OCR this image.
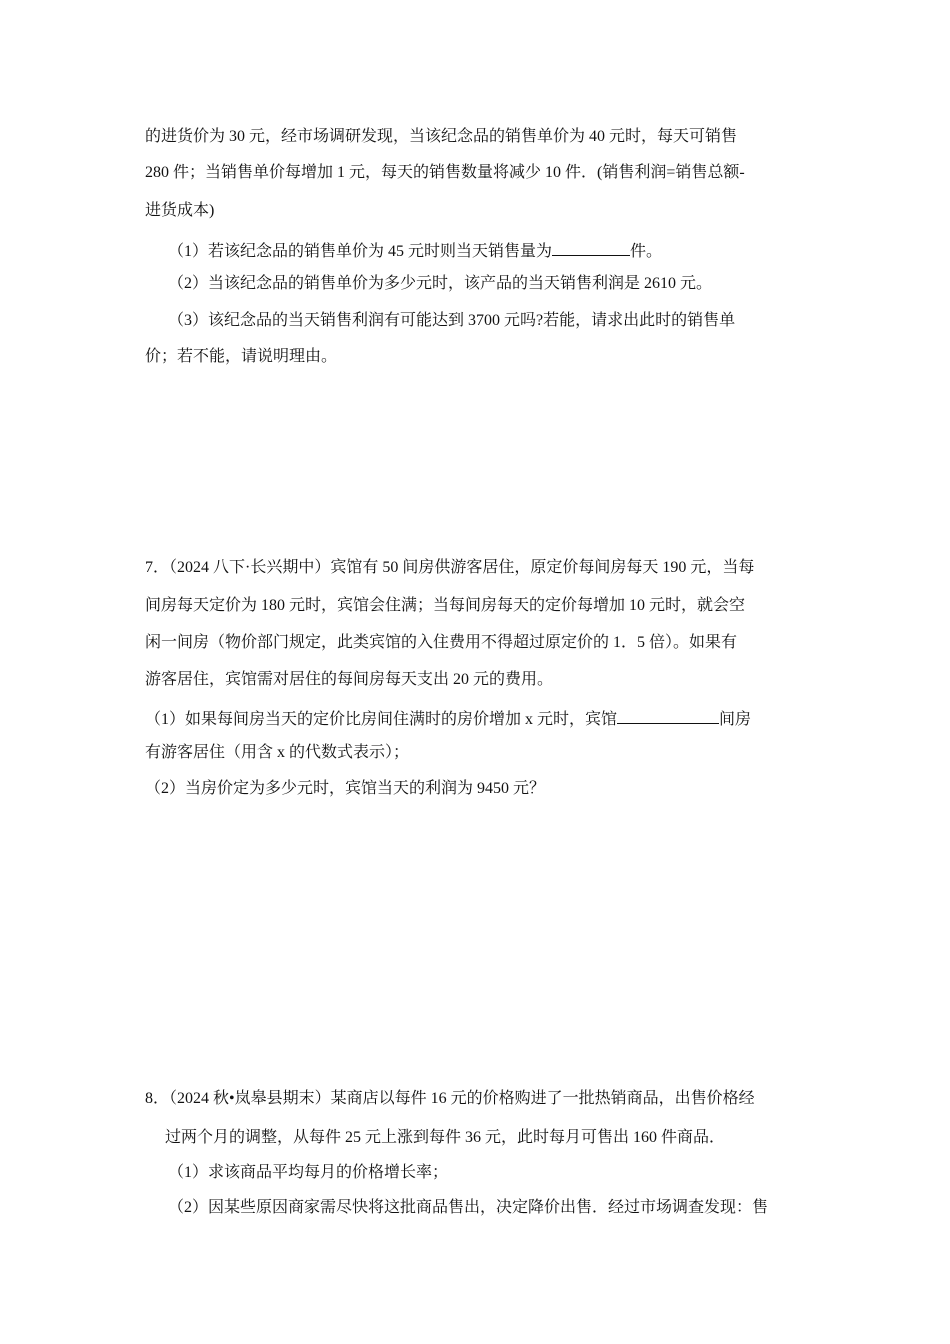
的进货价为 30 元，经市场调研发现，当该纪念品的销售单价为 40 元时，每天可销售
280 件；当销售单价每增加 1 元，每天的销售数量将减少 10 件．(销售利润=销售总额-
进货成本)
（1）若该纪念品的销售单价为 45 元时则当天销售量为	件。
（2）当该纪念品的销售单价为多少元时，该产品的当天销售利润是 2610 元。
（3）该纪念品的当天销售利润有可能达到 3700 元吗?若能，请求出此时的销售单
价；若不能，请说明理由。
7．（2024 八下·长兴期中）宾馆有 50 间房供游客居住，原定价每间房每天 190 元，当每
间房每天定价为 180 元时，宾馆会住满；当每间房每天的定价每增加 10 元时，就会空
闲一间房（物价部门规定，此类宾馆的入住费用不得超过原定价的 1．5 倍）。如果有
游客居住，宾馆需对居住的每间房每天支出 20 元的费用。
（1）如果每间房当天的定价比房间住满时的房价增加 x 元时，宾馆	间房
有游客居住（用含 x 的代数式表示）；
（2）当房价定为多少元时，宾馆当天的利润为 9450 元？
8．（2024 秋•岚皋县期末）某商店以每件 16 元的价格购进了一批热销商品，出售价格经
过两个月的调整，从每件 25 元上涨到每件 36 元，此时每月可售出 160 件商品．
（1）求该商品平均每月的价格增长率；
（2）因某些原因商家需尽快将这批商品售出，决定降价出售．经过市场调查发现：售
